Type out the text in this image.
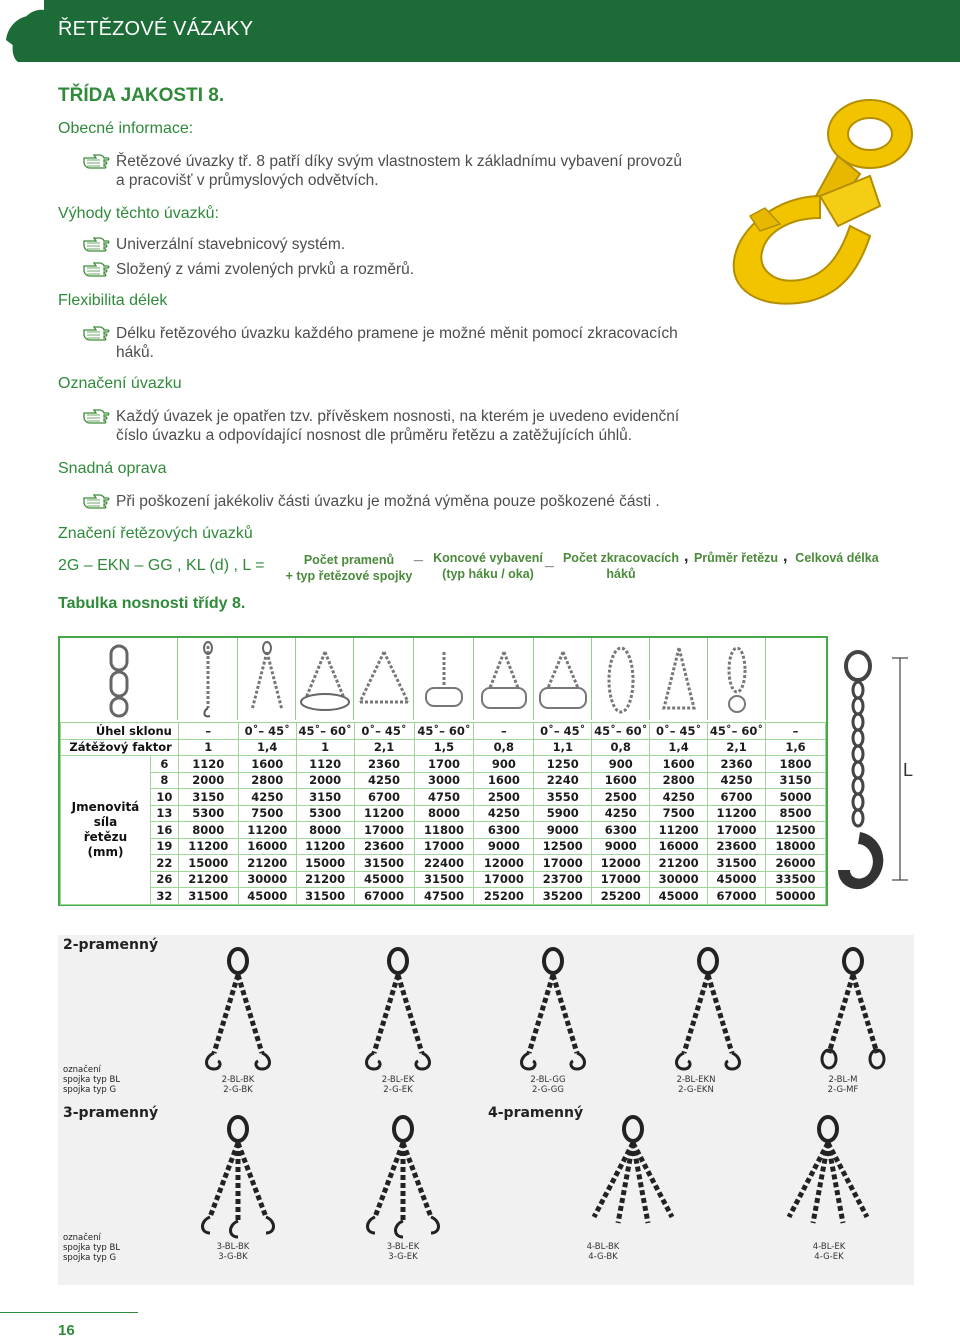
ŘETĚZOVÉ VÁZAKY
TŘÍDA JAKOSTI 8.
Obecné informace:
Řetězové úvazky tř. 8 patří díky svým vlastnostem k základnímu vybavení provozů
a pracovišť v průmyslových odvětvích.
Výhody těchto úvazků:
Univerzální stavebnicový systém.
Složený z vámi zvolených prvků a rozměrů.
Flexibilita délek
Délku řetězového úvazku každého pramene je možné měnit pomocí zkracovacích
háků.
Označení úvazku
Každý úvazek je opatřen tzv. přívěskem nosnosti, na kterém je uvedeno evidenční
číslo úvazku a odpovídající nosnost dle průměru řetězu a zatěžujících úhlů.
Snadná oprava
Při poškození jakékoliv části úvazku je možná výměna pouze poškozené části .
Značení řetězových úvazků
2G – EKN – GG , KL (d) , L =	Počet pramenů
+ typ řetězové spojky
_ Koncové vybavení
(typ háku / oka)
_ Počet zkracovacích
háků
, Průměr řetězu , Celková délka
Tabulka nosnosti třídy 8.
Úhel sklonu		–	0˚– 45˚	45˚– 60˚	0˚– 45˚	45˚– 60˚	–	0˚– 45˚	45˚– 60˚	0˚– 45˚	45˚– 60˚	–
Zátěžový faktor		1	1,4	1	2,1	1,5	0,8	1,1	0,8	1,4	2,1	1,6

Jmenovitá
síla
řetězu
(mm)	6	1120	1600	1120	2360	1700	900	1250	900	1600	2360	1800
	8	2000	2800	2000	4250	3000	1600	2240	1600	2800	4250	3150
	10	3150	4250	3150	6700	4750	2500	3550	2500	4250	6700	5000
	13	5300	7500	5300	11200	8000	4250	5900	4250	7500	11200	8500
	16	8000	11200	8000	17000	11800	6300	9000	6300	11200	17000	12500
	19	11200	16000	11200	23600	17000	9000	12500	9000	16000	23600	18000
	22	15000	21200	15000	31500	22400	12000	17000	12000	21200	31500	26000
	26	21200	30000	21200	45000	31500	17000	23700	17000	30000	45000	33500
	32	31500	45000	31500	67000	47500	25200	35200	25200	45000	67000	50000
L
2-pramenný
označení
spojka typ BL
spojka typ G
3-pramenný	4-pramenný
označení
spojka typ BL
spojka typ G
2-BL-BK
2-G-BK
2-BL-EK
2-G-EK
2-BL-GG
2-G-GG
2-BL-EKN
2-G-EKN
2-BL-M
2-G-MF
3-BL-BK
3-G-BK
3-BL-EK
3-G-EK
4-BL-BK
4-G-BK
4-BL-EK
4-G-EK
16
